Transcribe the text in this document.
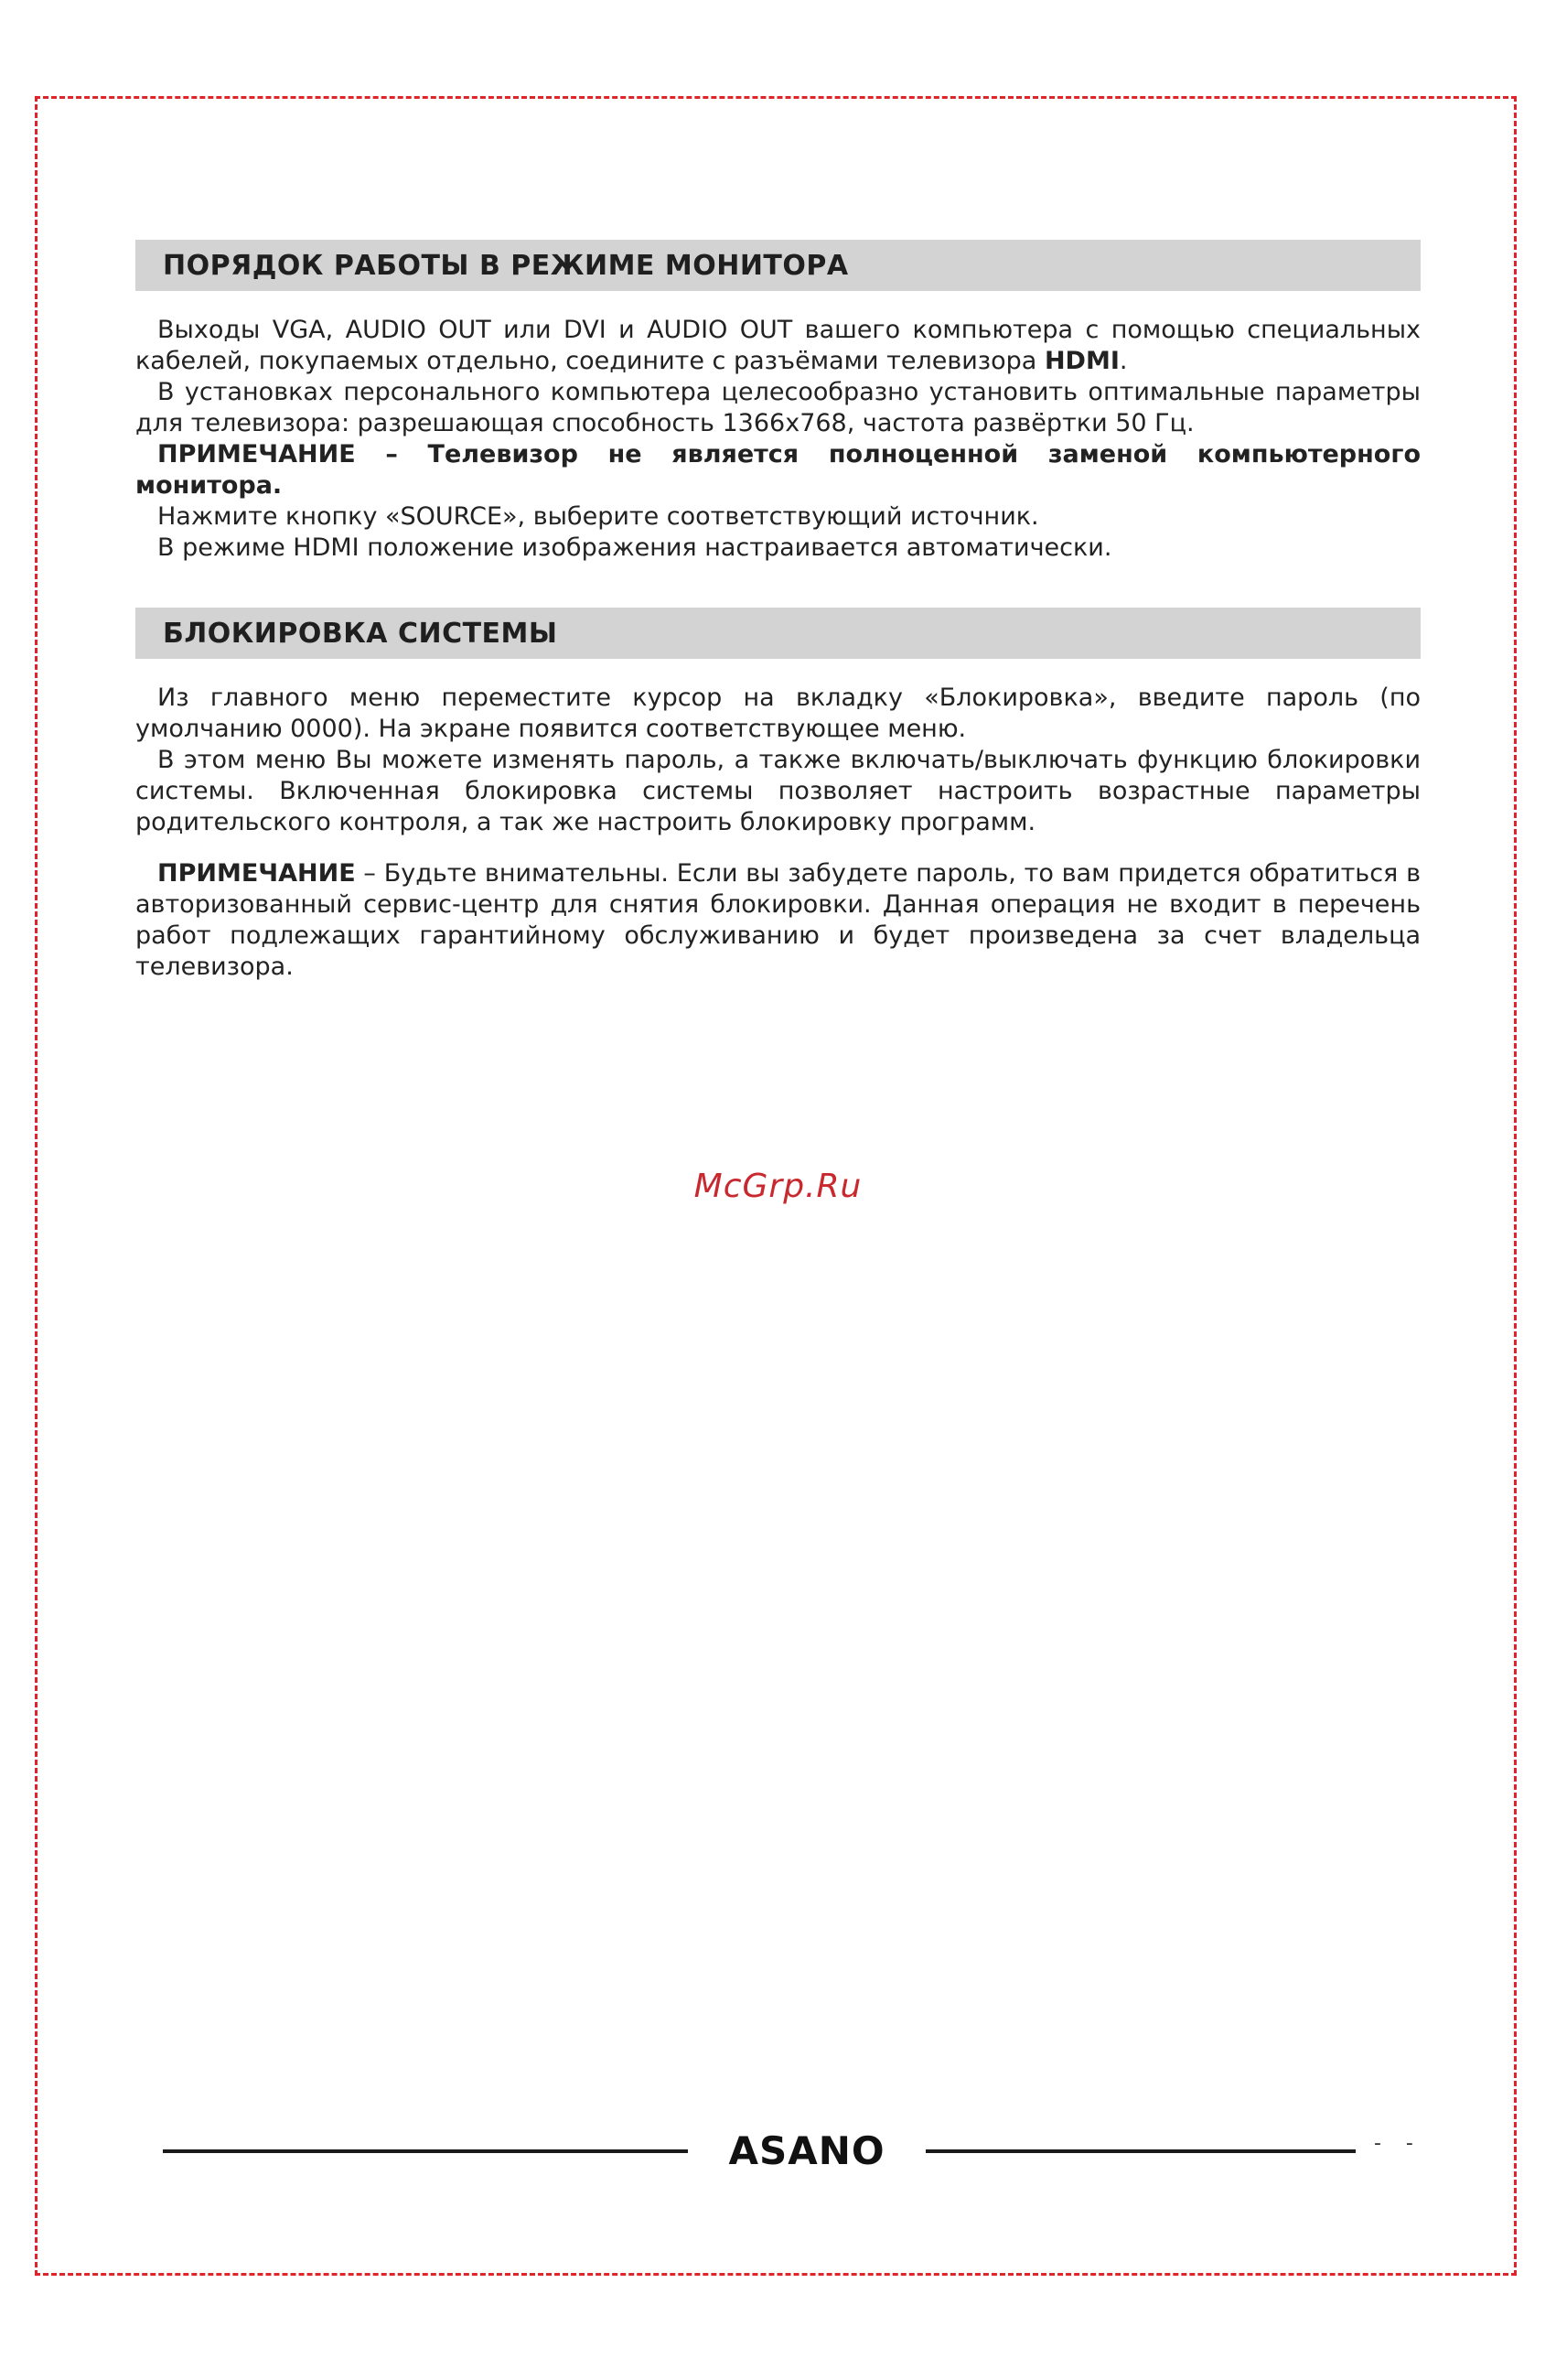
ПОРЯДОК РАБОТЫ В РЕЖИМЕ МОНИТОРА

Выходы VGA, AUDIO OUT или DVI и AUDIO OUT вашего компьютера с помощью специальных кабелей, покупаемых отдельно, соедините с разъёмами телевизора HDMI.

В установках персонального компьютера целесообразно установить оптимальные параметры для телевизора: разрешающая способность 1366x768, частота развёртки 50 Гц.

ПРИМЕЧАНИЕ – Телевизор не является полноценной заменой компьютерного монитора.

Нажмите кнопку «SOURCE», выберите соответствующий источник.

В режиме HDMI положение изображения настраивается автоматически.

БЛОКИРОВКА СИСТЕМЫ

Из главного меню переместите курсор на вкладку «Блокировка», введите пароль (по умолчанию 0000). На экране появится соответствующее меню.

В этом меню Вы можете изменять пароль, а также включать/выключать функцию блокировки системы. Включенная блокировка системы позволяет настроить возрастные параметры родительского контроля, а так же настроить блокировку программ.

ПРИМЕЧАНИЕ – Будьте внимательны. Если вы забудете пароль, то вам придется обратиться в авторизованный сервис-центр для снятия блокировки. Данная операция не входит в перечень работ подлежащих гарантийному обслуживанию и будет произведена за счет владельца телевизора.

McGrp.Ru
ASANO	- -
